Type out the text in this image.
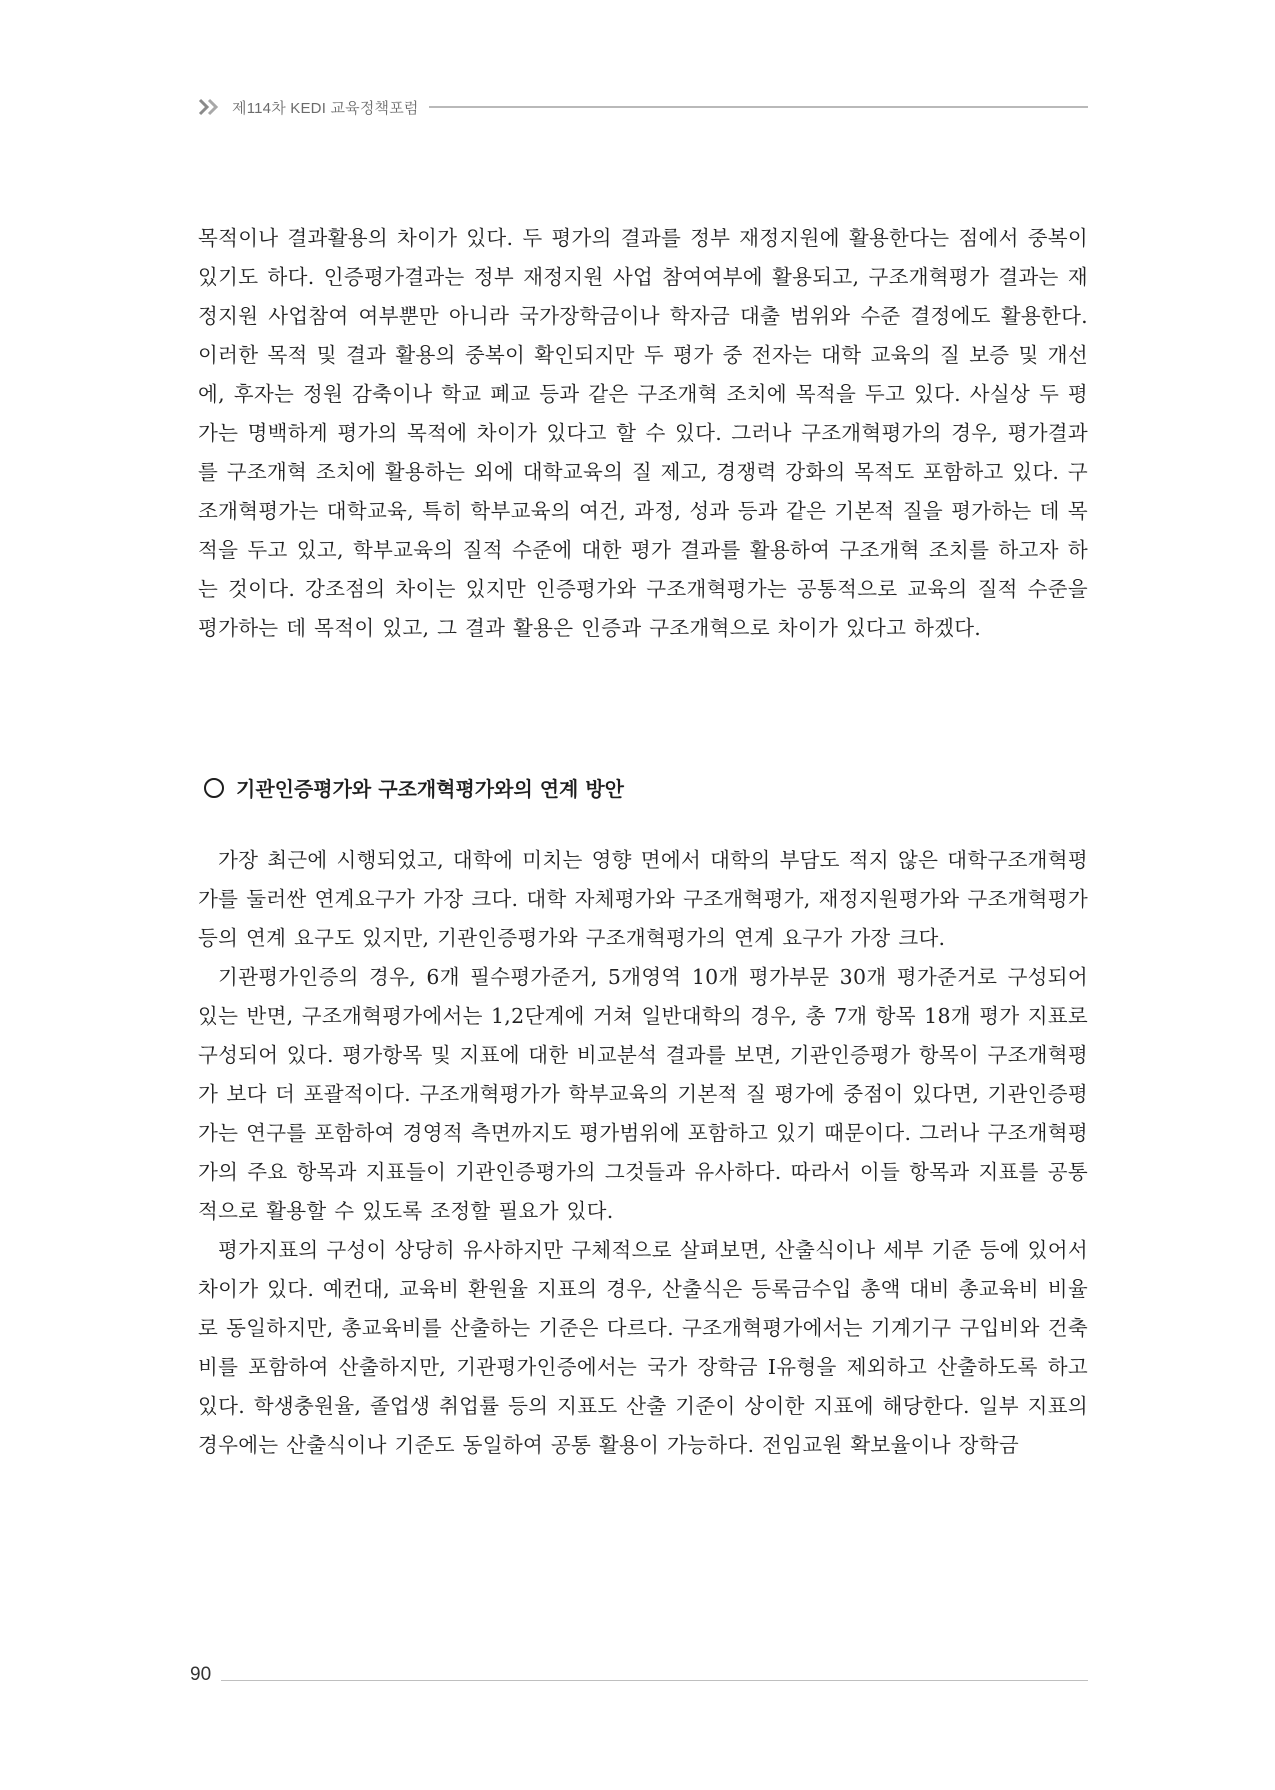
제114차 KEDI 교육정책포럼

목적이나 결과활용의 차이가 있다. 두 평가의 결과를 정부 재정지원에 활용한다는 점에서 중복이 있기도 하다. 인증평가결과는 정부 재정지원 사업 참여여부에 활용되고, 구조개혁평가 결과는 재정지원 사업참여 여부뿐만 아니라 국가장학금이나 학자금 대출 범위와 수준 결정에도 활용한다. 이러한 목적 및 결과 활용의 중복이 확인되지만 두 평가 중 전자는 대학 교육의 질 보증 및 개선에, 후자는 정원 감축이나 학교 폐교 등과 같은 구조개혁 조치에 목적을 두고 있다. 사실상 두 평가는 명백하게 평가의 목적에 차이가 있다고 할 수 있다. 그러나 구조개혁평가의 경우, 평가결과를 구조개혁 조치에 활용하는 외에 대학교육의 질 제고, 경쟁력 강화의 목적도 포함하고 있다. 구조개혁평가는 대학교육, 특히 학부교육의 여건, 과정, 성과 등과 같은 기본적 질을 평가하는 데 목적을 두고 있고, 학부교육의 질적 수준에 대한 평가 결과를 활용하여 구조개혁 조치를 하고자 하는 것이다. 강조점의 차이는 있지만 인증평가와 구조개혁평가는 공통적으로 교육의 질적 수준을 평가하는 데 목적이 있고, 그 결과 활용은 인증과 구조개혁으로 차이가 있다고 하겠다.

기관인증평가와 구조개혁평가와의 연계 방안

가장 최근에 시행되었고, 대학에 미치는 영향 면에서 대학의 부담도 적지 않은 대학구조개혁평가를 둘러싼 연계요구가 가장 크다. 대학 자체평가와 구조개혁평가, 재정지원평가와 구조개혁평가 등의 연계 요구도 있지만, 기관인증평가와 구조개혁평가의 연계 요구가 가장 크다.

기관평가인증의 경우, 6개 필수평가준거, 5개영역 10개 평가부문 30개 평가준거로 구성되어 있는 반면, 구조개혁평가에서는 1,2단계에 거쳐 일반대학의 경우, 총 7개 항목 18개 평가 지표로 구성되어 있다. 평가항목 및 지표에 대한 비교분석 결과를 보면, 기관인증평가 항목이 구조개혁평가 보다 더 포괄적이다. 구조개혁평가가 학부교육의 기본적 질 평가에 중점이 있다면, 기관인증평가는 연구를 포함하여 경영적 측면까지도 평가범위에 포함하고 있기 때문이다. 그러나 구조개혁평가의 주요 항목과 지표들이 기관인증평가의 그것들과 유사하다. 따라서 이들 항목과 지표를 공통적으로 활용할 수 있도록 조정할 필요가 있다.

평가지표의 구성이 상당히 유사하지만 구체적으로 살펴보면, 산출식이나 세부 기준 등에 있어서 차이가 있다. 예컨대, 교육비 환원율 지표의 경우, 산출식은 등록금수입 총액 대비 총교육비 비율로 동일하지만, 총교육비를 산출하는 기준은 다르다. 구조개혁평가에서는 기계기구 구입비와 건축비를 포함하여 산출하지만, 기관평가인증에서는 국가 장학금 I유형을 제외하고 산출하도록 하고 있다. 학생충원율, 졸업생 취업률 등의 지표도 산출 기준이 상이한 지표에 해당한다. 일부 지표의 경우에는 산출식이나 기준도 동일하여 공통 활용이 가능하다. 전임교원 확보율이나 장학금

90
